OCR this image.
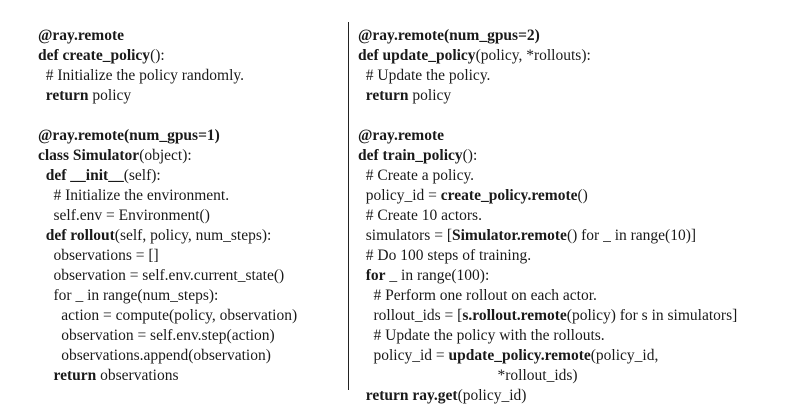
@ray.remote
def create_policy():
# Initialize the policy randomly.
return policy
@ray.remote(num_gpus=1)
class Simulator(object):
def __init__(self):
# Initialize the environment.
self.env = Environment()
def rollout(self, policy, num_steps):
observations = []
observation = self.env.current_state()
for _ in range(num_steps):
action = compute(policy, observation)
observation = self.env.step(action)
observations.append(observation)
return observations
@ray.remote(num_gpus=2)
def update_policy(policy, *rollouts):
# Update the policy.
return policy
@ray.remote
def train_policy():
# Create a policy.
policy_id = create_policy.remote()
# Create 10 actors.
simulators = [Simulator.remote() for _ in range(10)]
# Do 100 steps of training.
for _ in range(100):
# Perform one rollout on each actor.
rollout_ids = [s.rollout.remote(policy) for s in simulators]
# Update the policy with the rollouts.
policy_id = update_policy.remote(policy_id,
*rollout_ids)
return ray.get(policy_id)
